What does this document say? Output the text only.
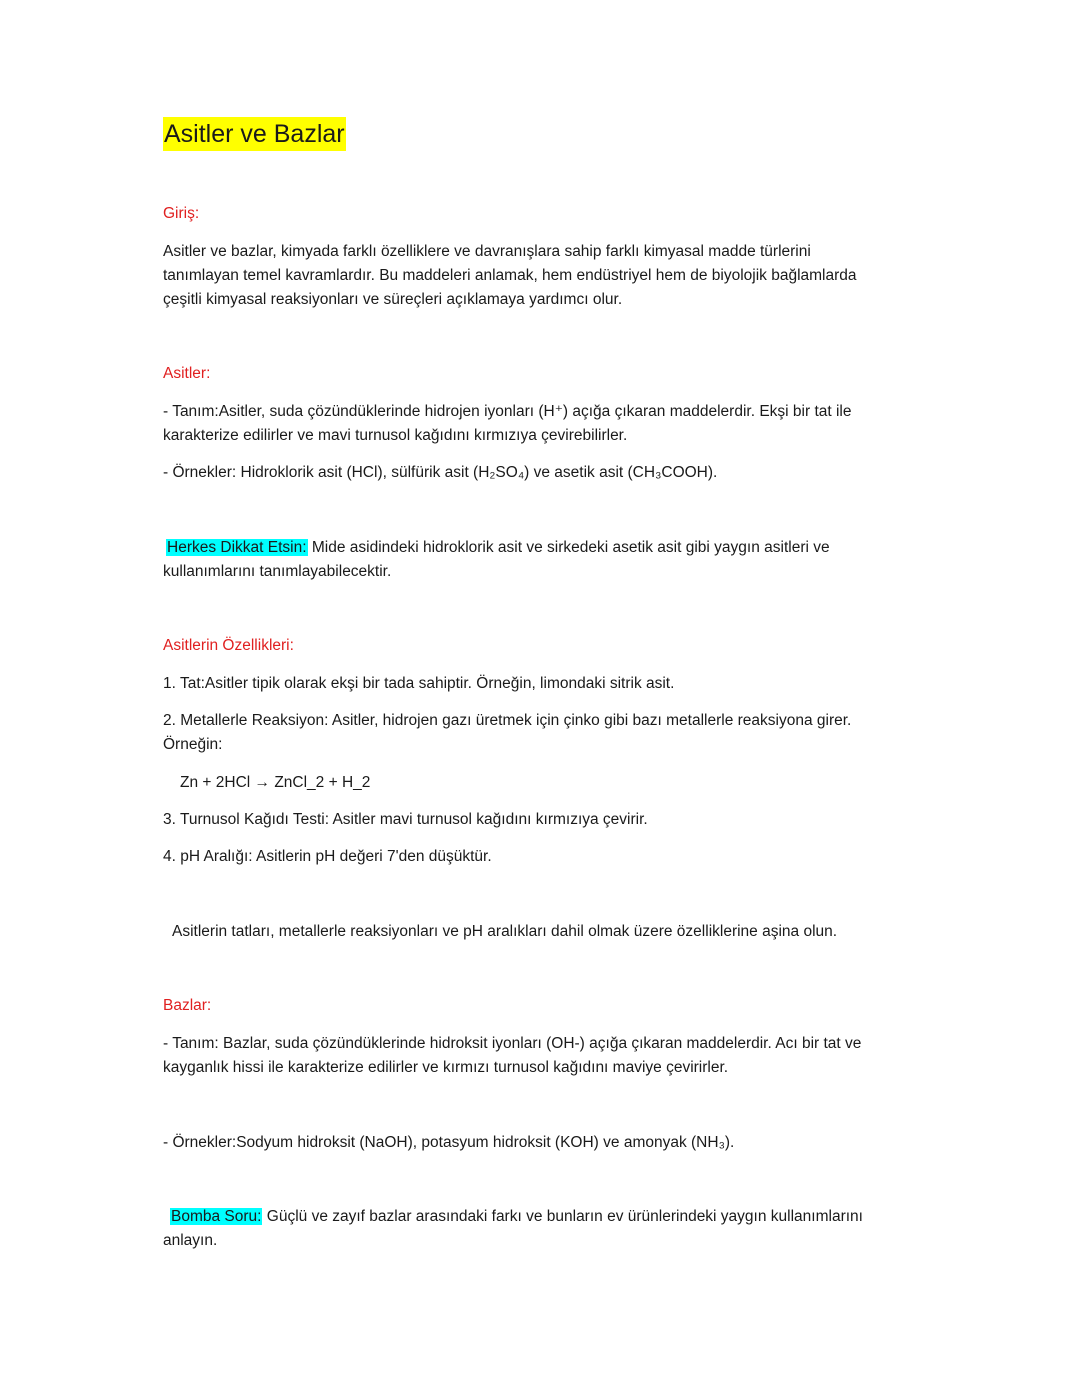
Asitler ve Bazlar
Giriş:
Asitler ve bazlar, kimyada farklı özelliklere ve davranışlara sahip farklı kimyasal madde türlerini
tanımlayan temel kavramlardır. Bu maddeleri anlamak, hem endüstriyel hem de biyolojik bağlamlarda
çeşitli kimyasal reaksiyonları ve süreçleri açıklamaya yardımcı olur.
Asitler:
- Tanım:Asitler, suda çözündüklerinde hidrojen iyonları (H⁺) açığa çıkaran maddelerdir. Ekşi bir tat ile
karakterize edilirler ve mavi turnusol kağıdını kırmızıya çevirebilirler.
- Örnekler: Hidroklorik asit (HCl), sülfürik asit (H₂SO₄) ve asetik asit (CH₃COOH).
Herkes Dikkat Etsin: Mide asidindeki hidroklorik asit ve sirkedeki asetik asit gibi yaygın asitleri ve
kullanımlarını tanımlayabilecektir.
Asitlerin Özellikleri:
1. Tat:Asitler tipik olarak ekşi bir tada sahiptir. Örneğin, limondaki sitrik asit.
2. Metallerle Reaksiyon: Asitler, hidrojen gazı üretmek için çinko gibi bazı metallerle reaksiyona girer.
Örneğin:
Zn + 2HCl → ZnCl_2 + H_2
3. Turnusol Kağıdı Testi: Asitler mavi turnusol kağıdını kırmızıya çevirir.
4. pH Aralığı: Asitlerin pH değeri 7'den düşüktür.
Asitlerin tatları, metallerle reaksiyonları ve pH aralıkları dahil olmak üzere özelliklerine aşina olun.
Bazlar:
- Tanım: Bazlar, suda çözündüklerinde hidroksit iyonları (OH-) açığa çıkaran maddelerdir. Acı bir tat ve
kayganlık hissi ile karakterize edilirler ve kırmızı turnusol kağıdını maviye çevirirler.
- Örnekler:Sodyum hidroksit (NaOH), potasyum hidroksit (KOH) ve amonyak (NH₃).
Bomba Soru: Güçlü ve zayıf bazlar arasındaki farkı ve bunların ev ürünlerindeki yaygın kullanımlarını
anlayın.
